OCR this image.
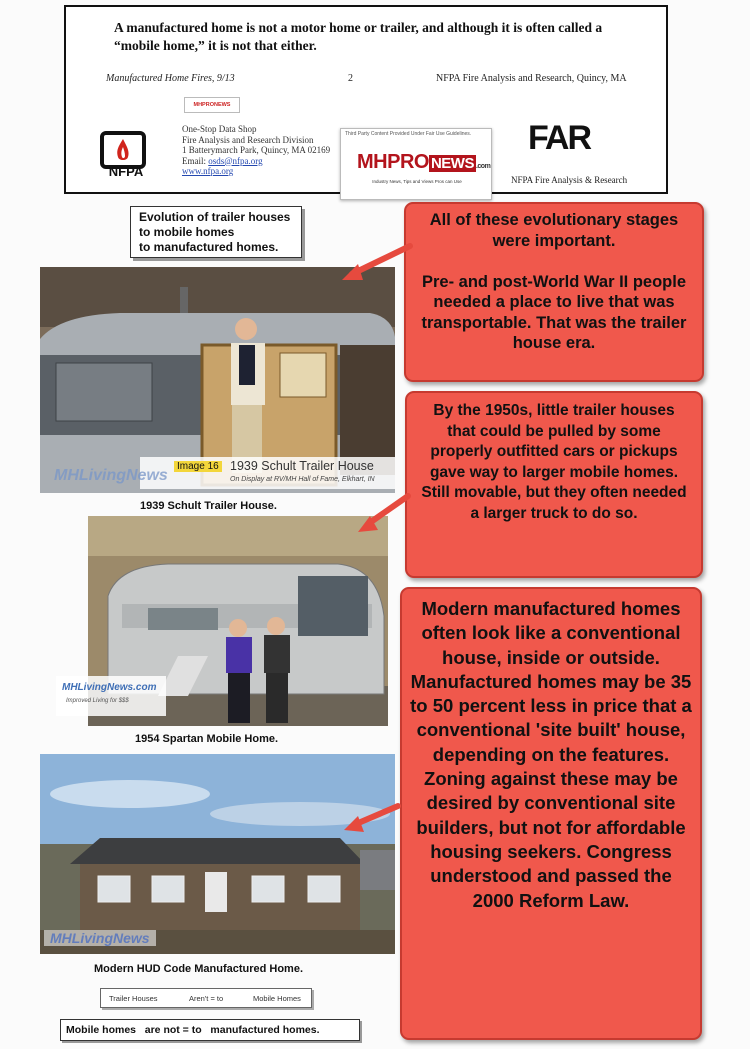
A manufactured home is not a motor home or trailer, and although it is often called a “mobile home,” it is not that either.
Manufactured Home Fires, 9/13	2	NFPA Fire Analysis and Research, Quincy, MA
MHPRONEWS
NFPA
One-Stop Data Shop
Fire Analysis and Research Division
1 Batterymarch Park, Quincy, MA 02169
Email: osds@nfpa.org
www.nfpa.org
FAR
NFPA Fire Analysis & Research
Third Party Content Provided Under Fair Use Guidelines.
MHPRO NEWS .com
Industry News, Tips and Views Pros can Use
Evolution of trailer houses
to mobile homes
to manufactured homes.
Image 16 1939 Schult Trailer House
On Display at RV/MH Hall of Fame, Elkhart, IN
MHLivingNews
1939 Schult Trailer House.
MHLivingNews.com
Improved Living for $$$
1954 Spartan Mobile Home.
MHLivingNews
Modern HUD Code Manufactured Home.
Trailer Houses	Aren't = to	Mobile Homes
Mobile homes   are not = to   manufactured homes.
All of these evolutionary stages were important.

Pre- and post-World War II people needed a place to live that was transportable. That was the trailer house era.
By the 1950s, little trailer houses that could be pulled by some properly outfitted cars or pickups gave way to larger mobile homes. Still movable, but they often needed a larger truck to do so.
Modern manufactured homes often look like a conventional house, inside or outside. Manufactured homes may be 35 to 50 percent less in price that a conventional 'site built' house, depending on the features. Zoning against these may be desired by conventional site builders, but not for affordable housing seekers. Congress understood and passed the 2000 Reform Law.
